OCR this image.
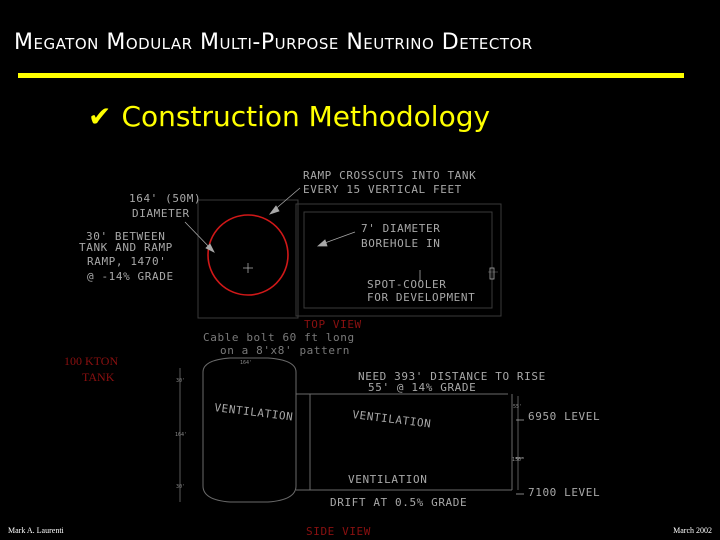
Megaton Modular Multi-Purpose Neutrino Detector
✔ Construction Methodology
RAMP CROSSCUTS INTO TANK
EVERY 15 VERTICAL FEET
164' (50M)
DIAMETER
30' BETWEEN
TANK AND RAMP
RAMP, 1470'
@ -14% GRADE
7' DIAMETER
BOREHOLE IN
SPOT-COOLER
FOR DEVELOPMENT
TOP VIEW
Cable bolt 60 ft long
on a 8'x8' pattern
164'
30'
164'
30'
55'
150'
100 KTON
TANK	NEED 393' DISTANCE TO RISE
55' @ 14% GRADE
VENTILATION	VENTILATION
VENTILATION
6950 LEVEL
7100 LEVEL
DRIFT AT 0.5% GRADE
SIDE VIEW
Mark A. Laurenti	March 2002
